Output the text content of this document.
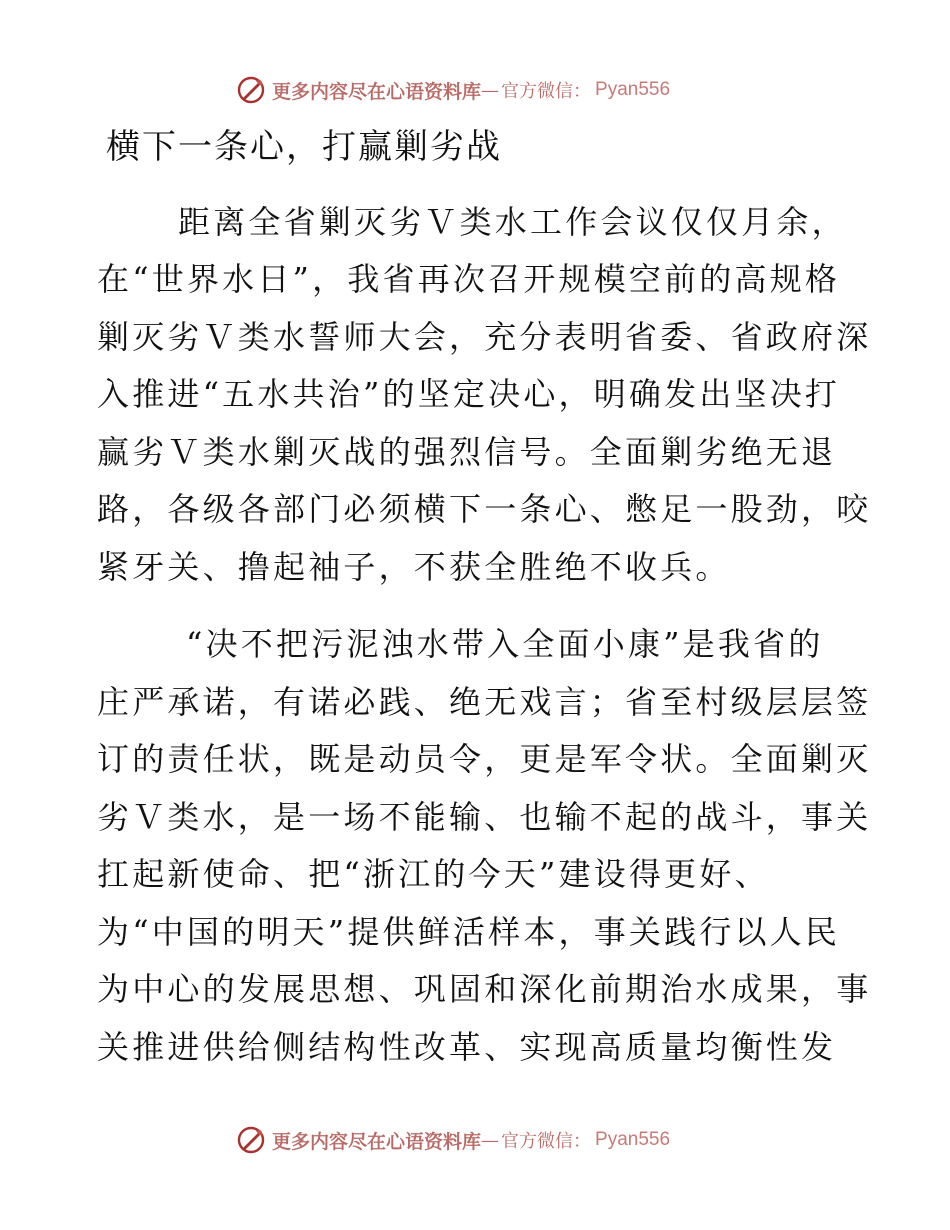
更多内容尽在心语资料库 — 官方微信： Pyan556
横下一条心，打赢剿劣战
距离全省剿灭劣Ｖ类水工作会议仅仅月余，
在“世界水日”，我省再次召开规模空前的高规格
剿灭劣Ｖ类水誓师大会，充分表明省委、省政府深
入推进“五水共治”的坚定决心，明确发出坚决打
赢劣Ｖ类水剿灭战的强烈信号。全面剿劣绝无退
路，各级各部门必须横下一条心、憋足一股劲，咬
紧牙关、撸起袖子，不获全胜绝不收兵。
“决不把污泥浊水带入全面小康”是我省的
庄严承诺，有诺必践、绝无戏言；省至村级层层签
订的责任状，既是动员令，更是军令状。全面剿灭
劣Ｖ类水，是一场不能输、也输不起的战斗，事关
扛起新使命、把“浙江的今天”建设得更好、
为“中国的明天”提供鲜活样本，事关践行以人民
为中心的发展思想、巩固和深化前期治水成果，事
关推进供给侧结构性改革、实现高质量均衡性发
更多内容尽在心语资料库 — 官方微信： Pyan556
